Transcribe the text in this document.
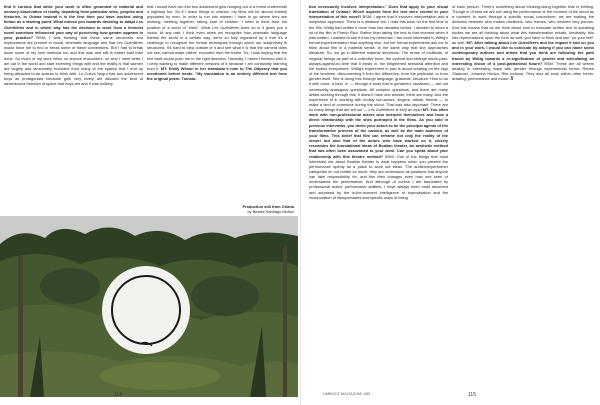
find it curious that while your work is often grounded in material and sensory observation of reality, departing from particular sites, peoples and histories, in Oriana instead it is the first time you have worked using fiction as a starting point. What moved you towards deciding to adapt Les Guérillères and in which way has the decision to work from a feminist novel somehow influenced your way of perceiving how gender appears in your practice? BSM: I was thinking that these same structures and expectations are present in visual, cinematic language and that Les Guérillères would force me to find or break some of these conventions. But I had to break down some of my own methods too and this was and still is easier said than done. So much of my work relies on chance encounters, on who I meet while I am out in the world and start inventing things with and the reality is that women are largely and structurally excluded from many of the spaces that I end up being attracted to as spaces to think with. Lo Cuevó Negro has two adolescent boys as protagonists because girls very rarely are allowed the kind of adventurous freedom of space that boys are and it was unlikely

that I would have run into two adolescent girls hanging out in a forest underneath a highway too. So if I leave things to chance, my films will be almost entirely populated by men. In order to run into women I have to go where they are working, meeting together, taking care of children. I need to think from the position of a world of "elles". What Les Guérillères does do is it gives you a vision. At any rate, I think even when we recognize how cinematic language frames the world in a certain way, we're so fully organized by it that it's a challenge to recognize the formal techniques through which our subjectivity is structured. It's hard to step outside of it and see what it is that the camera does not see, cannot make visible, excluded from the frame. So, I was hoping that the text itself would push me in the right direction. Honestly, I haven't finished with it. I keep wanting to make different versions of it because I am constantly learning from it. MT: Emily Wilson in her translator's note to The Odyssey that you mentioned before wrote: "My translation is an entirely different text from the original poem. Transla-

Production still from Oriana
by Beatriz Santiago Muñoz
114

tion necessarily involves interpretation." Does that apply to your visual translation of Oriana? Which aspects from the text were central in your interpretation of this novel? BSM: I agree that it involves interpretation and a subjective approach. There is a distance too. I read this book for the first time in the 90s. Wittig had written it more than two decades before. I decided to shoot a lot of the film in Puerto Rico. Rather than taking the text to that moment when it was written, I wanted to see it from my here/now. I am more interested in Wittig's formal experimentation than anything else, but her formal experiments ask me to think about film in a material sense, in the same way that she approaches literature. So, we go in different material directions. The sense of multitude, of singular beings as part of a collective force, the cyclical and strange future-past-always-against-no-time that it exists in, the heightened sensorial attention and the bodies everywhere. Wittig's experiment in part is about creating on the sign of the feminine, disconnecting it from the difference, from the particular, or from gender itself. She is doing this through language, grammar, structure. How to do it with voice, a tone, or — through a body that is gendered, racialized — are not necessarily analogous questions. All complex questions, and there are many artists working through this; it doesn't have one answer, there are many. And the experience of it, working with mostly non-actors, singers, artists, friends — to make a kind of commune during the shoot. That was also important. There are so many things that are left out — Les Guérillères is truly an epic! MT: You often work with non-professional actors who interpret themselves and have a direct relationship with the sites portrayed in the films. As you said in previous interviews, you deem your actors to be the principal agents of the transformative process of the camera, as well as the main audience of your films. This belief that film can reframe not only the reality of the viewer but also that of the actors who have worked on it, closely resembles the foundational ideas of Boalian theater, an aesthetic method that has often been associated to your work. Can you speak about your relationship with this theatre method? BSM: One of the things that most interested me about Boalian theater is what happens when you present the performance openly as a place to work out ideas. The audience/performer categories do not matter so much; they are understood as positions that anyone can take responsibility for, and this then changes even how one sees or understands the performance. And although of course I am fascinated by professional actors' performative abilities, I have always been most absorbed and surprised by the in-the-moment intelligence of improvisation and the incorporation of idiosyncrasies and specific ways of being

of each person. There's something about thinking-doing together that is thrilling. Though in Oriana we are not using the performance or the moment of the shoot as a moment to work through a specific social conundrum; we are making the divisions between who makes decisions, who frames, who decides very porous. And this means that as we think about how to translate written text to speaking bodies we are all thinking about what this transformation entails. Inevitably, this has repercussions upon the form as well, you have to think and see "on your feet" as well. MT: After talking about Les Guérillères and the impact it had on you and in your work, I would like to conclude by asking if you can name some contemporary authors and artists that you think are following the path traced by Wittig towards a re-signification of gender and articulating an interesting vision of a post-patriarchal future? BSM: These are all writers dealing in interesting ways with gender through experimental forms: Renee Gladman, Johanna Hedva, Rita Indiana. They also all work within other forms: drawing, performance and music. //

UMBIGO MAGAZINE #80	115
